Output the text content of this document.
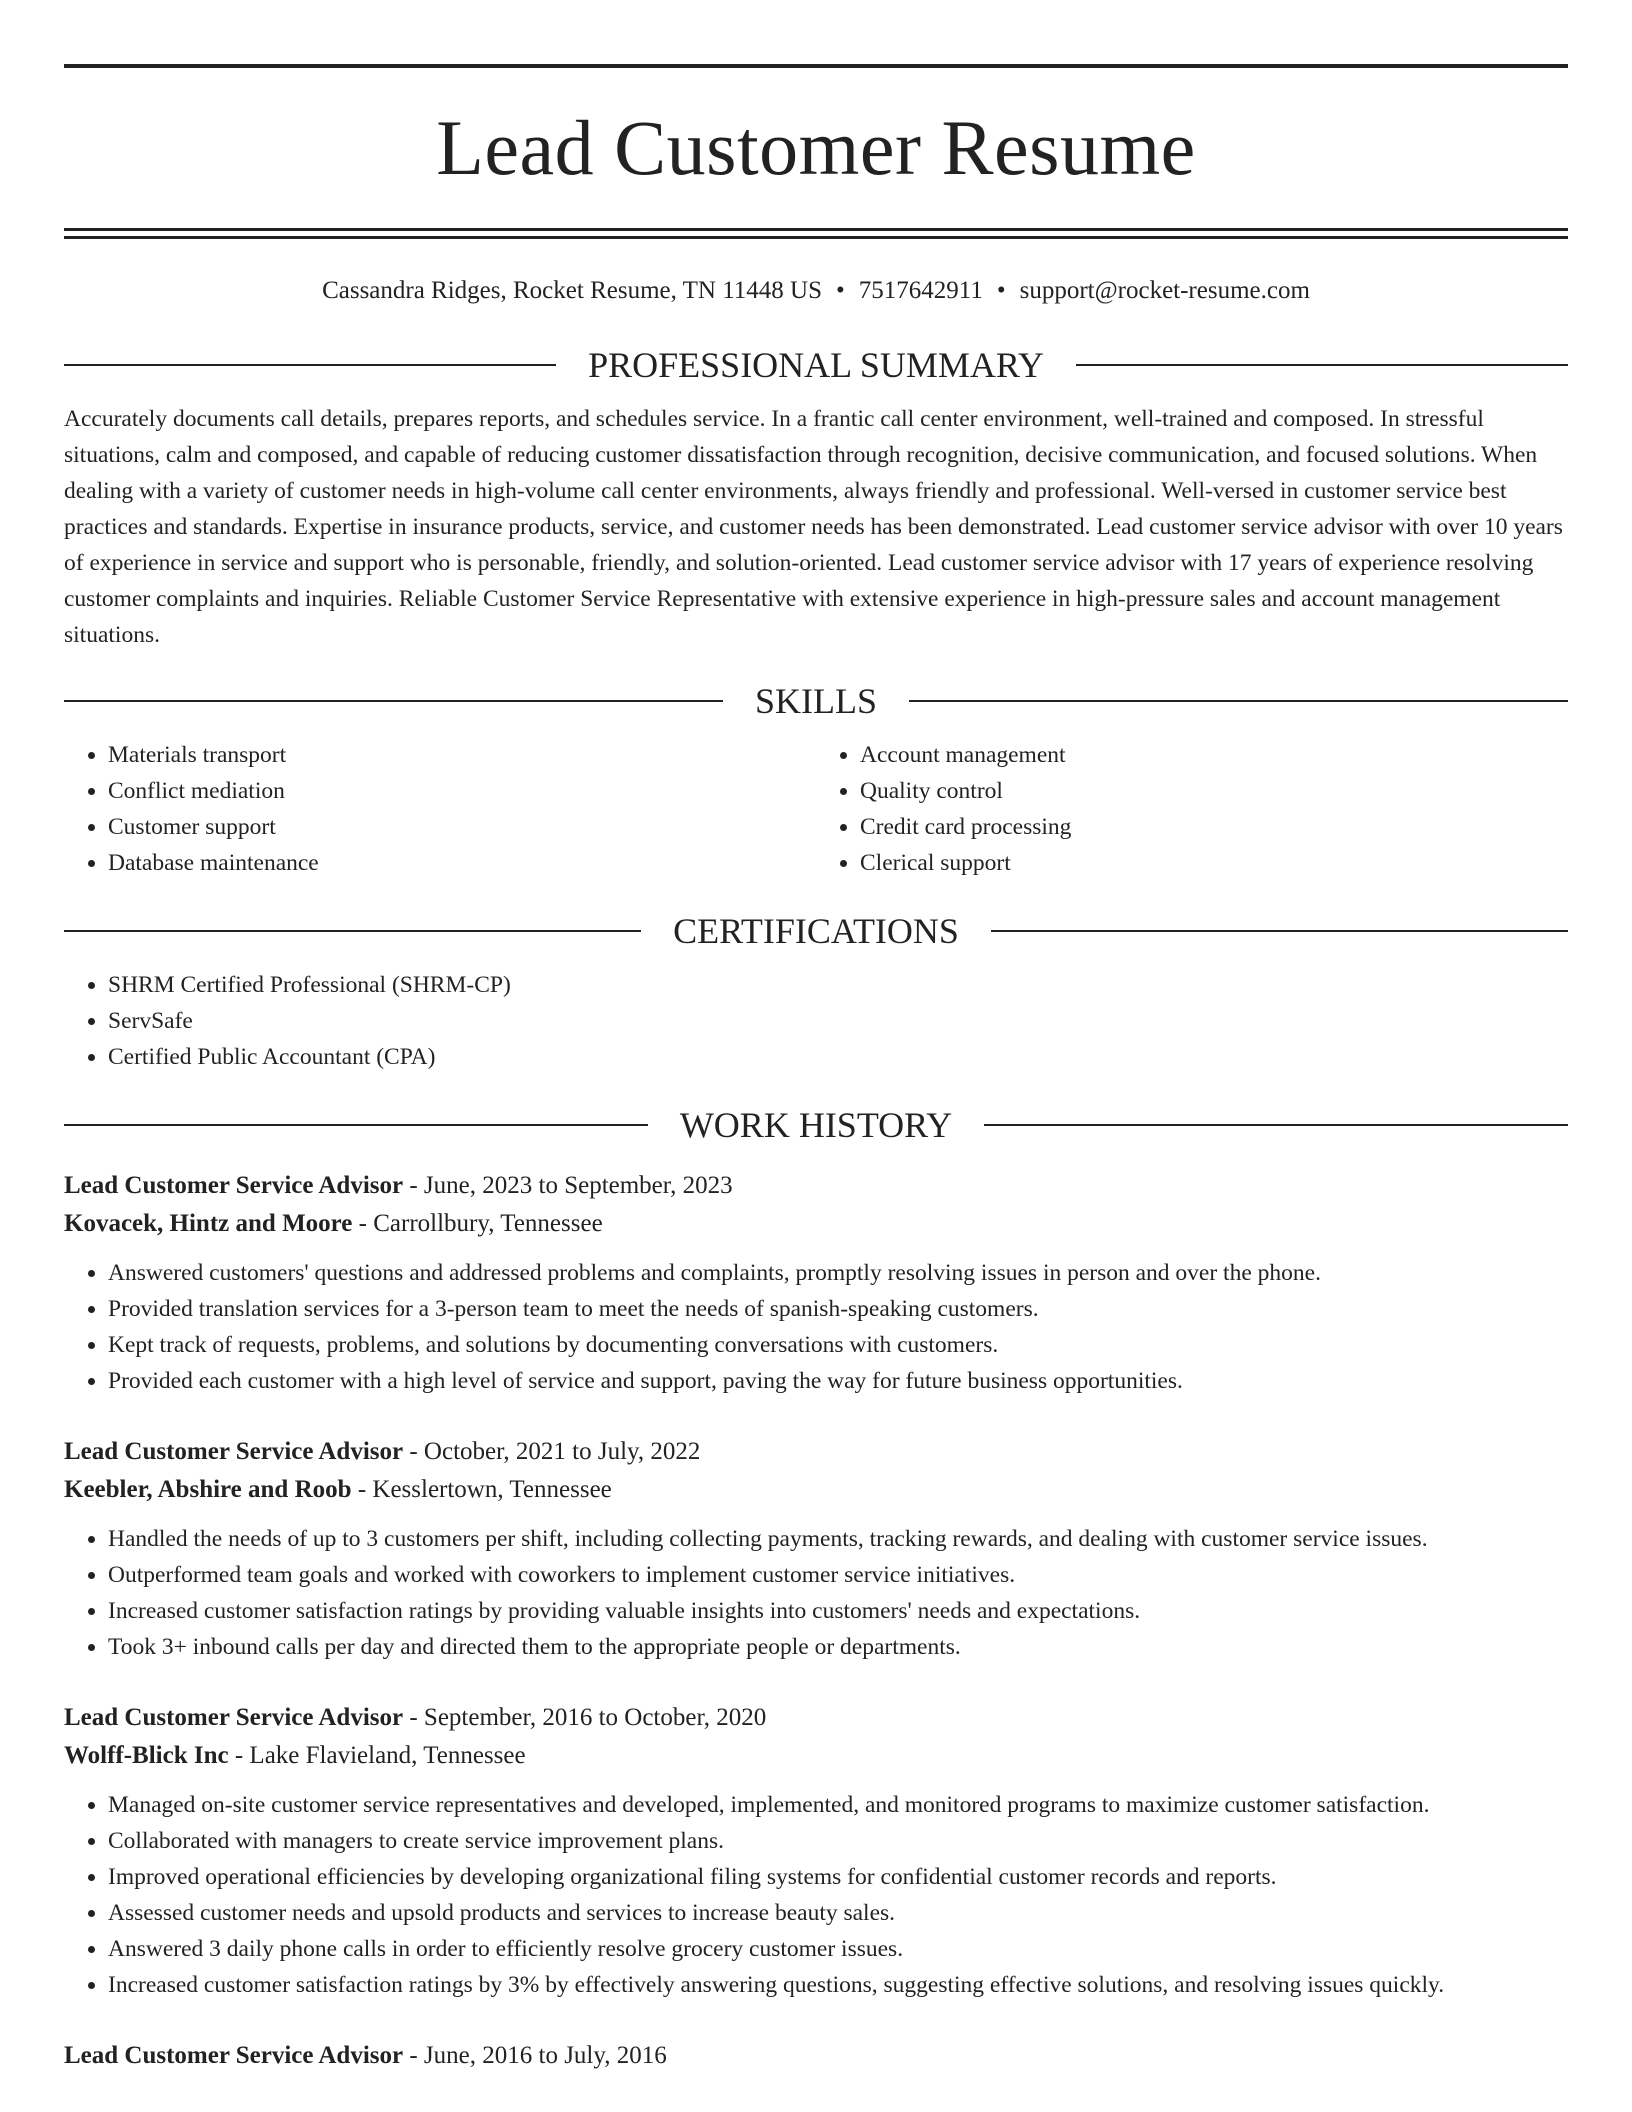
Lead Customer Resume
Cassandra Ridges, Rocket Resume, TN 11448 US • 7517642911 • support@rocket-resume.com
PROFESSIONAL SUMMARY
Accurately documents call details, prepares reports, and schedules service. In a frantic call center environment, well-trained and composed. In stressful situations, calm and composed, and capable of reducing customer dissatisfaction through recognition, decisive communication, and focused solutions. When dealing with a variety of customer needs in high-volume call center environments, always friendly and professional. Well-versed in customer service best practices and standards. Expertise in insurance products, service, and customer needs has been demonstrated. Lead customer service advisor with over 10 years of experience in service and support who is personable, friendly, and solution-oriented. Lead customer service advisor with 17 years of experience resolving customer complaints and inquiries. Reliable Customer Service Representative with extensive experience in high-pressure sales and account management situations.
SKILLS
• Materials transport
• Conflict mediation
• Customer support
• Database maintenance
• Account management
• Quality control
• Credit card processing
• Clerical support
CERTIFICATIONS
• SHRM Certified Professional (SHRM-CP)
• ServSafe
• Certified Public Accountant (CPA)
WORK HISTORY
Lead Customer Service Advisor - June, 2023 to September, 2023
Kovacek, Hintz and Moore - Carrollbury, Tennessee
• Answered customers' questions and addressed problems and complaints, promptly resolving issues in person and over the phone.
• Provided translation services for a 3-person team to meet the needs of spanish-speaking customers.
• Kept track of requests, problems, and solutions by documenting conversations with customers.
• Provided each customer with a high level of service and support, paving the way for future business opportunities.
Lead Customer Service Advisor - October, 2021 to July, 2022
Keebler, Abshire and Roob - Kesslertown, Tennessee
• Handled the needs of up to 3 customers per shift, including collecting payments, tracking rewards, and dealing with customer service issues.
• Outperformed team goals and worked with coworkers to implement customer service initiatives.
• Increased customer satisfaction ratings by providing valuable insights into customers' needs and expectations.
• Took 3+ inbound calls per day and directed them to the appropriate people or departments.
Lead Customer Service Advisor - September, 2016 to October, 2020
Wolff-Blick Inc - Lake Flavieland, Tennessee
• Managed on-site customer service representatives and developed, implemented, and monitored programs to maximize customer satisfaction.
• Collaborated with managers to create service improvement plans.
• Improved operational efficiencies by developing organizational filing systems for confidential customer records and reports.
• Assessed customer needs and upsold products and services to increase beauty sales.
• Answered 3 daily phone calls in order to efficiently resolve grocery customer issues.
• Increased customer satisfaction ratings by 3% by effectively answering questions, suggesting effective solutions, and resolving issues quickly.
Lead Customer Service Advisor - June, 2016 to July, 2016
